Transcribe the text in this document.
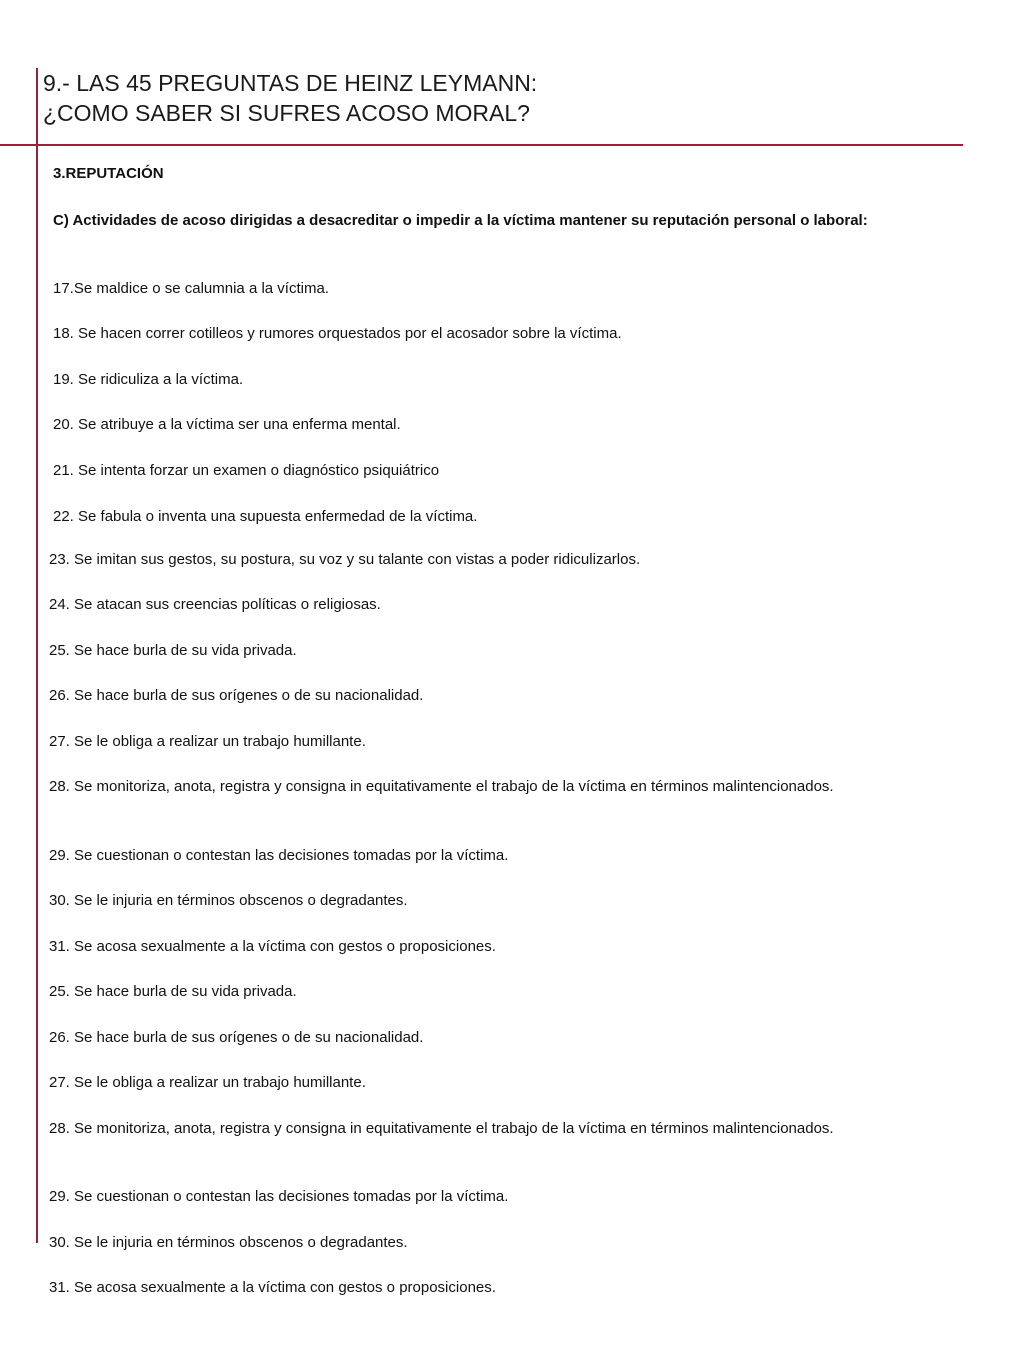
9.- LAS 45 PREGUNTAS DE HEINZ LEYMANN:
¿COMO SABER SI SUFRES ACOSO MORAL?
3.REPUTACIÓN

C) Actividades de acoso dirigidas a desacreditar o impedir a la víctima mantener su reputación personal o laboral:

17.Se maldice o se calumnia a la víctima.

18. Se hacen correr cotilleos y rumores orquestados por el acosador sobre la víctima.

19. Se ridiculiza a la víctima.

20. Se atribuye a la víctima ser una enferma mental.

21. Se intenta forzar un examen o diagnóstico psiquiátrico

22. Se fabula o inventa una supuesta enfermedad de la víctima.

23. Se imitan sus gestos, su postura, su voz y su talante con vistas a poder ridiculizarlos.

24. Se atacan sus creencias políticas o religiosas.

25. Se hace burla de su vida privada.

26. Se hace burla de sus orígenes o de su nacionalidad.

27. Se le obliga a realizar un trabajo humillante.

28. Se monitoriza, anota, registra y consigna in equitativamente el trabajo de la víctima en términos malintencionados.

29. Se cuestionan o contestan las decisiones tomadas por la víctima.

30. Se le injuria en términos obscenos o degradantes.

31. Se acosa sexualmente a la víctima con gestos o proposiciones.

25. Se hace burla de su vida privada.

26. Se hace burla de sus orígenes o de su nacionalidad.

27. Se le obliga a realizar un trabajo humillante.

28. Se monitoriza, anota, registra y consigna in equitativamente el trabajo de la víctima en términos malintencionados.

29. Se cuestionan o contestan las decisiones tomadas por la víctima.

30. Se le injuria en términos obscenos o degradantes.

31. Se acosa sexualmente a la víctima con gestos o proposiciones.
